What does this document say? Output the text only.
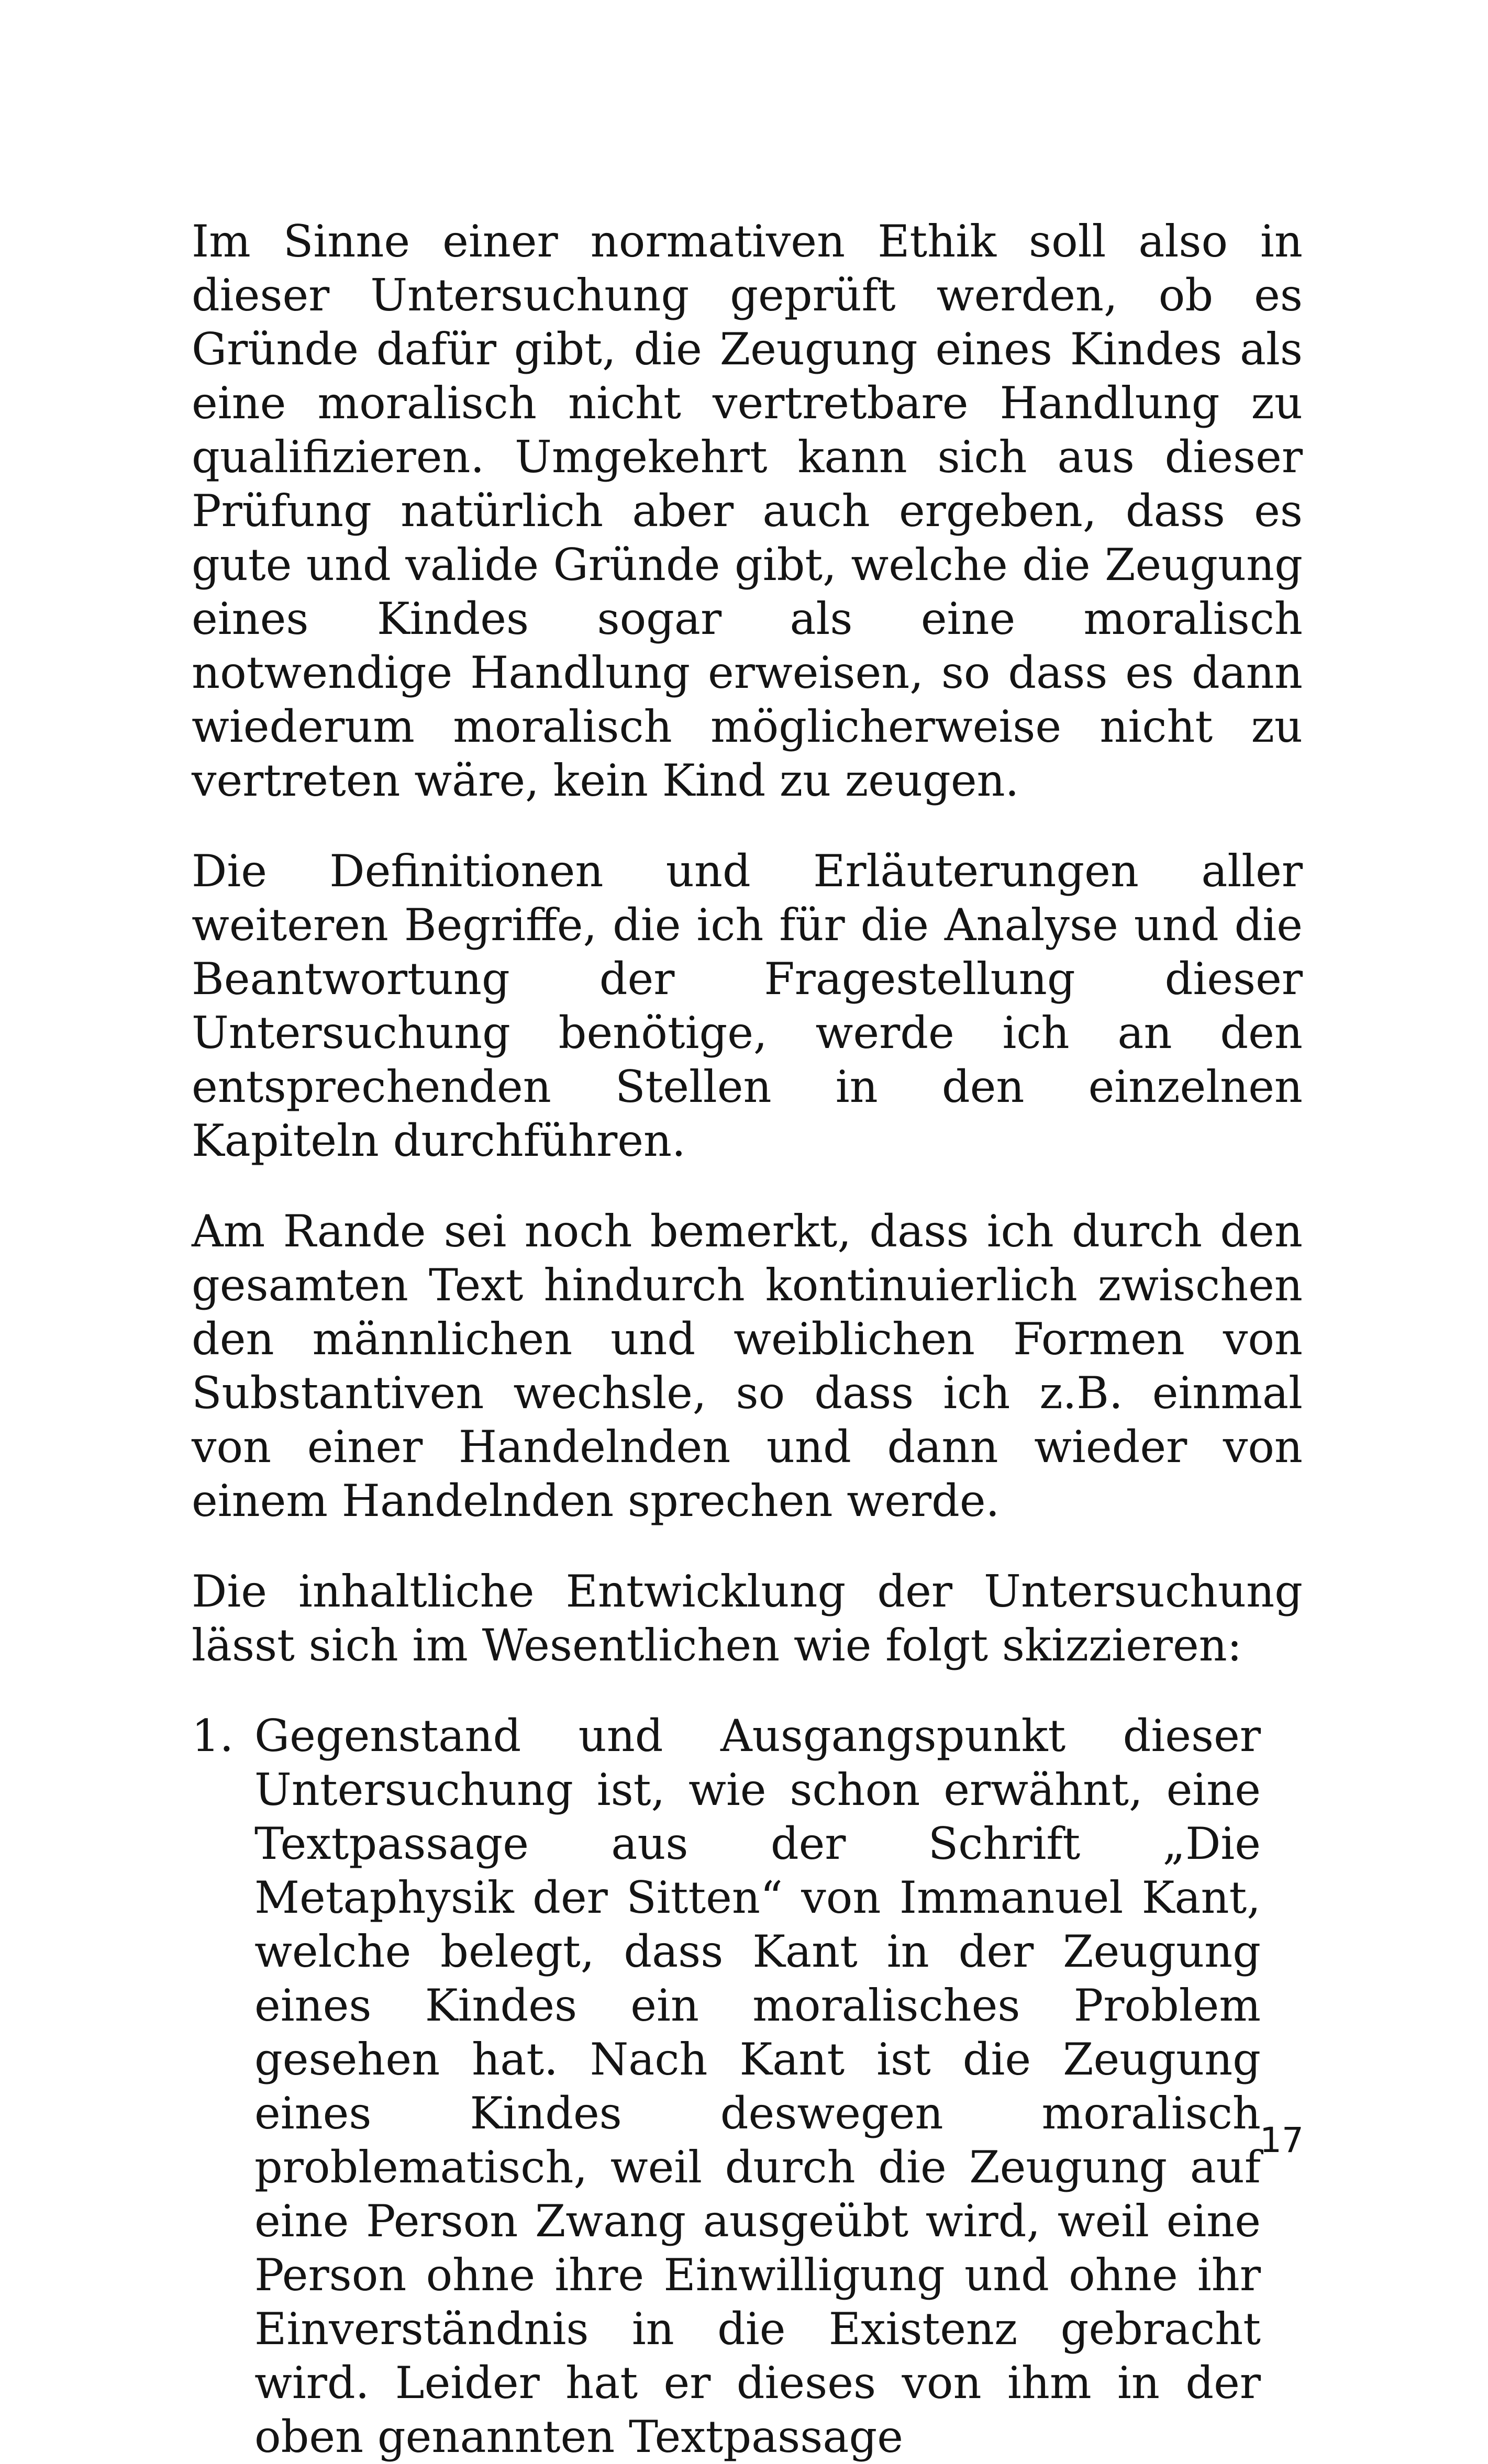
Im Sinne einer normativen Ethik soll also in dieser Untersuchung geprüft werden, ob es Gründe dafür gibt, die Zeugung eines Kindes als eine moralisch nicht vertretbare Handlung zu qualifizieren. Umgekehrt kann sich aus dieser Prüfung natürlich aber auch ergeben, dass es gute und valide Gründe gibt, welche die Zeugung eines Kindes sogar als eine moralisch notwendige Handlung erweisen, so dass es dann wiederum moralisch möglicherweise nicht zu vertreten wäre, kein Kind zu zeugen.

Die Definitionen und Erläuterungen aller weiteren Begriffe, die ich für die Analyse und die Beantwortung der Fragestellung dieser Untersuchung benötige, werde ich an den entsprechenden Stellen in den einzelnen Kapiteln durchführen.

Am Rande sei noch bemerkt, dass ich durch den gesamten Text hindurch kontinuierlich zwischen den männlichen und weiblichen Formen von Substantiven wechsle, so dass ich z.B. einmal von einer Handelnden und dann wieder von einem Handelnden sprechen werde.

Die inhaltliche Entwicklung der Untersuchung lässt sich im Wesentlichen wie folgt skizzieren:

1. Gegenstand und Ausgangspunkt dieser Untersuchung ist, wie schon erwähnt, eine Textpassage aus der Schrift „Die Metaphysik der Sitten“ von Immanuel Kant, welche belegt, dass Kant in der Zeugung eines Kindes ein moralisches Problem gesehen hat. Nach Kant ist die Zeugung eines Kindes deswegen moralisch problematisch, weil durch die Zeugung auf eine Person Zwang ausgeübt wird, weil eine Person ohne ihre Einwilligung und ohne ihr Einverständnis in die Existenz gebracht wird. Leider hat er dieses von ihm in der oben genannten Textpassage
17
